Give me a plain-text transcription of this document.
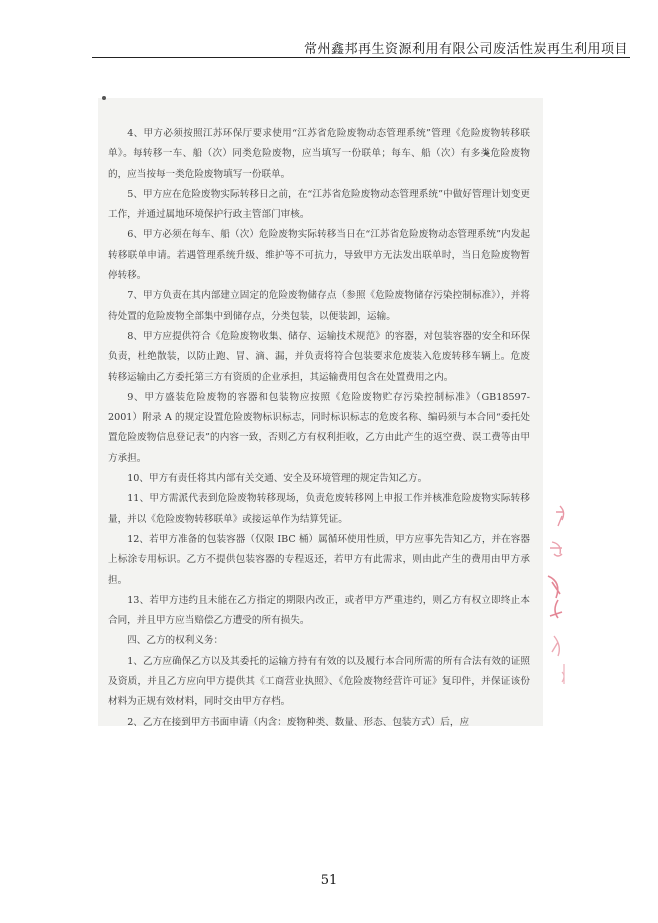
常州鑫邦再生资源利用有限公司废活性炭再生利用项目

4、甲方必须按照江苏环保厅要求使用“江苏省危险废物动态管理系统”管理《危险废物转移联单》。每转移一车、船（次）同类危险废物，应当填写一份联单；每车、船（次）有多类危险废物的，应当按每一类危险废物填写一份联单。

5、甲方应在危险废物实际转移日之前，在“江苏省危险废物动态管理系统”中做好管理计划变更工作，并通过属地环境保护行政主管部门审核。

6、甲方必须在每车、船（次）危险废物实际转移当日在“江苏省危险废物动态管理系统”内发起转移联单申请。若遇管理系统升级、维护等不可抗力，导致甲方无法发出联单时，当日危险废物暂停转移。

7、甲方负责在其内部建立固定的危险废物储存点（参照《危险废物储存污染控制标准》），并将待处置的危险废物全部集中到储存点，分类包装，以便装卸，运输。

8、甲方应提供符合《危险废物收集、储存、运输技术规范》的容器，对包装容器的安全和环保负责，杜绝散装，以防止跑、冒、滴、漏，并负责将符合包装要求危废装入危废转移车辆上。危废转移运输由乙方委托第三方有资质的企业承担，其运输费用包含在处置费用之内。

9、甲方盛装危险废物的容器和包装物应按照《危险废物贮存污染控制标准》（GB18597-2001）附录 A 的规定设置危险废物标识标志，同时标识标志的危废名称、编码须与本合同“委托处置危险废物信息登记表”的内容一致，否则乙方有权利拒收，乙方由此产生的返空费、误工费等由甲方承担。

10、甲方有责任将其内部有关交通、安全及环境管理的规定告知乙方。

11、甲方需派代表到危险废物转移现场，负责危废转移网上申报工作并核准危险废物实际转移量，并以《危险废物转移联单》或接运单作为结算凭证。

12、若甲方准备的包装容器（仅限 IBC 桶）属循环使用性质，甲方应事先告知乙方，并在容器上标涂专用标识。乙方不提供包装容器的专程返还，若甲方有此需求，则由此产生的费用由甲方承担。

13、若甲方违约且未能在乙方指定的期限内改正，或者甲方严重违约，则乙方有权立即终止本合同，并且甲方应当赔偿乙方遭受的所有损失。

四、乙方的权利义务：

1、乙方应确保乙方以及其委托的运输方持有有效的以及履行本合同所需的所有合法有效的证照及资质，并且乙方应向甲方提供其《工商营业执照》、《危险废物经营许可证》复印件，并保证该份材料为正规有效材料，同时交由甲方存档。

2、乙方在接到甲方书面申请（内含：废物种类、数量、形态、包装方式）后，应

51
